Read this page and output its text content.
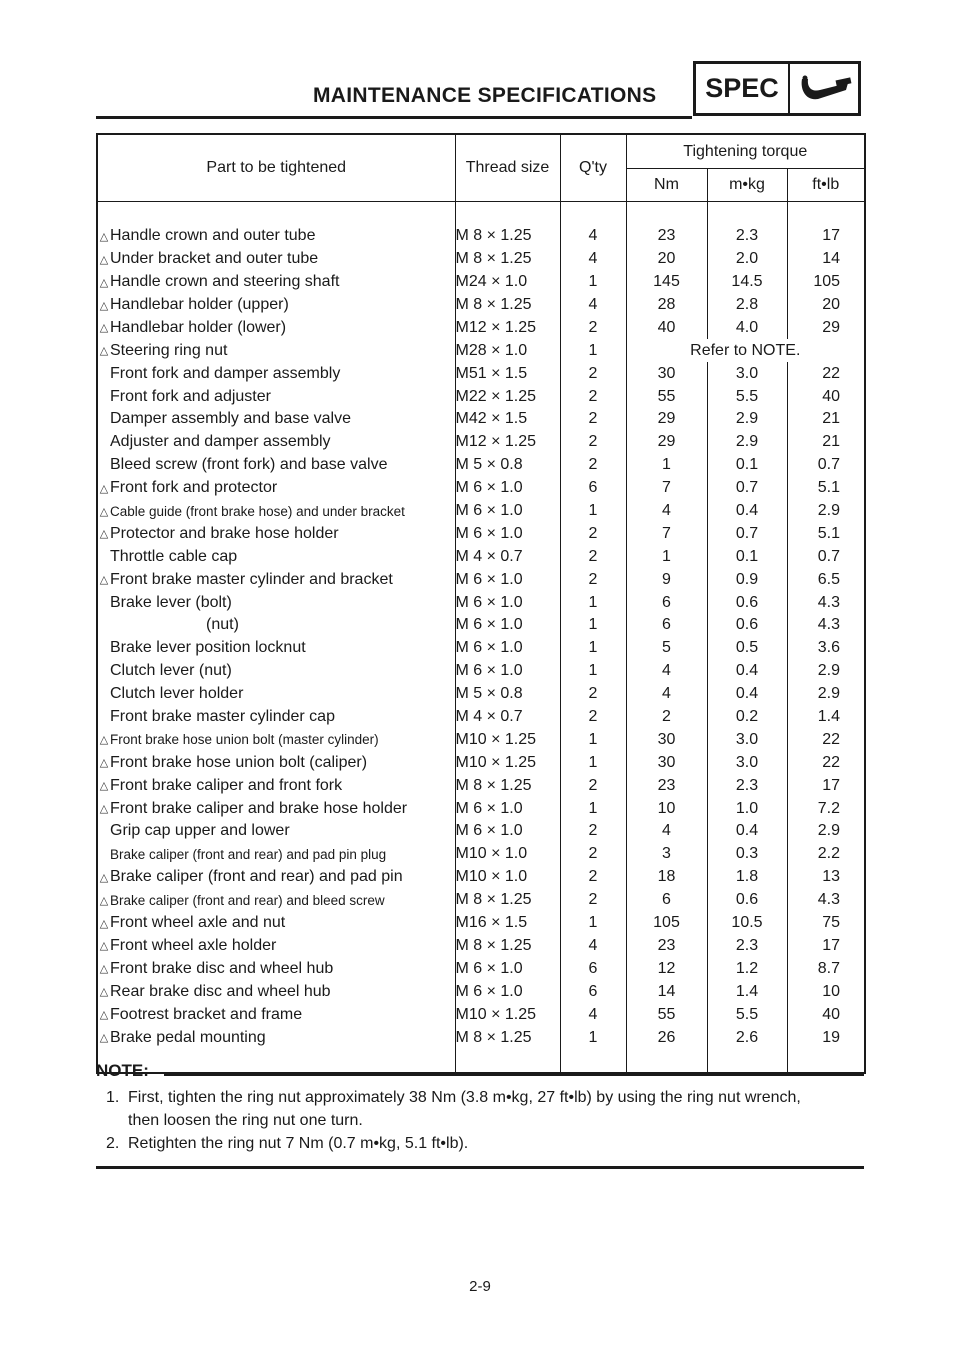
MAINTENANCE SPECIFICATIONS	SPEC
Part to be tightened		Thread size	Q'ty	Tightening torque		
				Nm	m•kg	ft•lb

△	Handle crown and outer tube	M 8 × 1.25	4	23	2.3	17
△	Under bracket and outer tube	M 8 × 1.25	4	20	2.0	14
△	Handle crown and steering shaft	M24 × 1.0	1	145	14.5	105
△	Handlebar holder (upper)	M 8 × 1.25	4	28	2.8	20
△	Handlebar holder (lower)	M12 × 1.25	2	40	4.0	29
△	Steering ring nut	M28 × 1.0	1	Refer to NOTE.		
	Front fork and damper assembly	M51 × 1.5	2	30	3.0	22
	Front fork and adjuster	M22 × 1.25	2	55	5.5	40
	Damper assembly and base valve	M42 × 1.5	2	29	2.9	21
	Adjuster and damper assembly	M12 × 1.25	2	29	2.9	21
	Bleed screw (front fork) and base valve	M 5 × 0.8	2	1	0.1	0.7
△	Front fork and protector	M 6 × 1.0	6	7	0.7	5.1
△	Cable guide (front brake hose) and under bracket	M 6 × 1.0	1	4	0.4	2.9
△	Protector and brake hose holder	M 6 × 1.0	2	7	0.7	5.1
	Throttle cable cap	M 4 × 0.7	2	1	0.1	0.7
△	Front brake master cylinder and bracket	M 6 × 1.0	2	9	0.9	6.5
	Brake lever (bolt)	M 6 × 1.0	1	6	0.6	4.3
	(nut)	M 6 × 1.0	1	6	0.6	4.3
	Brake lever position locknut	M 6 × 1.0	1	5	0.5	3.6
	Clutch lever (nut)	M 6 × 1.0	1	4	0.4	2.9
	Clutch lever holder	M 5 × 0.8	2	4	0.4	2.9
	Front brake master cylinder cap	M 4 × 0.7	2	2	0.2	1.4
△	Front brake hose union bolt (master cylinder)	M10 × 1.25	1	30	3.0	22
△	Front brake hose union bolt (caliper)	M10 × 1.25	1	30	3.0	22
△	Front brake caliper and front fork	M 8 × 1.25	2	23	2.3	17
△	Front brake caliper and brake hose holder	M 6 × 1.0	1	10	1.0	7.2
	Grip cap upper and lower	M 6 × 1.0	2	4	0.4	2.9
	Brake caliper (front and rear) and pad pin plug	M10 × 1.0	2	3	0.3	2.2
△	Brake caliper (front and rear) and pad pin	M10 × 1.0	2	18	1.8	13
△	Brake caliper (front and rear) and bleed screw	M 8 × 1.25	2	6	0.6	4.3
△	Front wheel axle and nut	M16 × 1.5	1	105	10.5	75
△	Front wheel axle holder	M 8 × 1.25	4	23	2.3	17
△	Front brake disc and wheel hub	M 6 × 1.0	6	12	1.2	8.7
△	Rear brake disc and wheel hub	M 6 × 1.0	6	14	1.4	10
△	Footrest bracket and frame	M10 × 1.25	4	55	5.5	40
△	Brake pedal mounting	M 8 × 1.25	1	26	2.6	19

NOTE:
1. First, tighten the ring nut approximately 38 Nm (3.8 m•kg, 27 ft•lb) by using the ring nut wrench,
then loosen the ring nut one turn.
2. Retighten the ring nut 7 Nm (0.7 m•kg, 5.1 ft•lb).
2-9
